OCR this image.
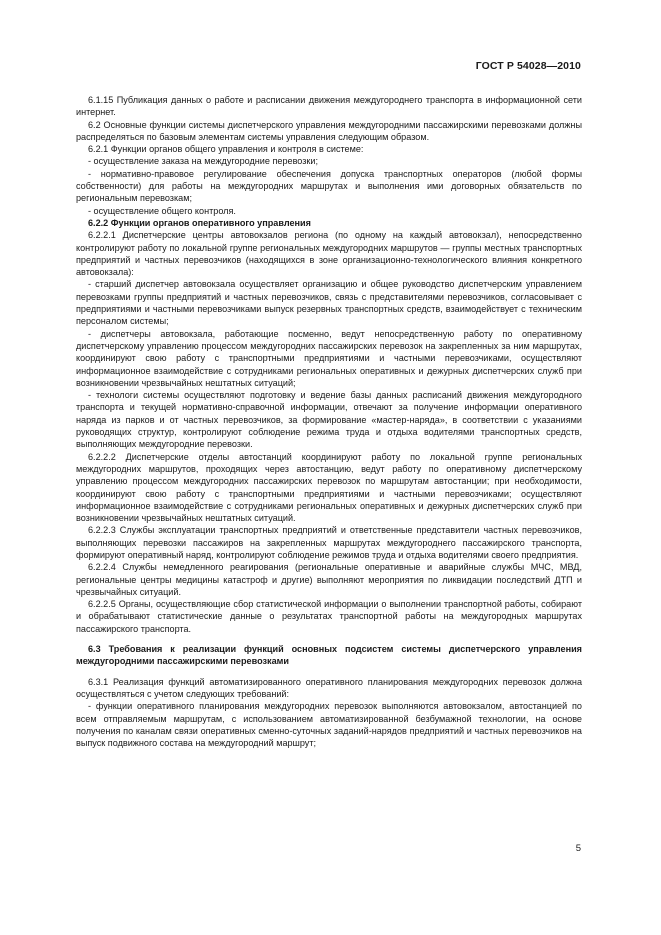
ГОСТ Р 54028—2010

6.1.15 Публикация данных о работе и расписании движения междугороднего транспорта в информационной сети интернет.

6.2 Основные функции системы диспетчерского управления междугородними пассажирскими перевозками должны распределяться по базовым элементам системы управления следующим образом.

6.2.1 Функции органов общего управления и контроля в системе:

- осуществление заказа на междугородние перевозки;

- нормативно-правовое регулирование обеспечения допуска транспортных операторов (любой формы собственности) для работы на междугородних маршрутах и выполнения ими договорных обязательств по региональным перевозкам;

- осуществление общего контроля.

6.2.2 Функции органов оперативного управления

6.2.2.1 Диспетчерские центры автовокзалов региона (по одному на каждый автовокзал), непосредственно контролируют работу по локальной группе региональных междугородних маршрутов — группы местных транспортных предприятий и частных перевозчиков (находящихся в зоне организационно-технологического влияния конкретного автовокзала):

- старший диспетчер автовокзала осуществляет организацию и общее руководство диспетчерским управлением перевозками группы предприятий и частных перевозчиков, связь с представителями перевозчиков, согласовывает с предприятиями и частными перевозчиками выпуск резервных транспортных средств, взаимодействует с техническим персоналом системы;

- диспетчеры автовокзала, работающие посменно, ведут непосредственную работу по оперативному диспетчерскому управлению процессом междугородних пассажирских перевозок на закрепленных за ним маршрутах, координируют свою работу с транспортными предприятиями и частными перевозчиками, осуществляют информационное взаимодействие с сотрудниками региональных оперативных и дежурных диспетчерских служб при возникновении чрезвычайных нештатных ситуаций;

- технологи системы осуществляют подготовку и ведение базы данных расписаний движения междугородного транспорта и текущей нормативно-справочной информации, отвечают за получение информации оперативного наряда из парков и от частных перевозчиков, за формирование «мастер-наряда», в соответствии с указаниями руководящих структур, контролируют соблюдение режима труда и отдыха водителями транспортных средств, выполняющих междугородние перевозки.

6.2.2.2 Диспетчерские отделы автостанций координируют работу по локальной группе региональных междугородних маршрутов, проходящих через автостанцию, ведут работу по оперативному диспетчерскому управлению процессом междугородних пассажирских перевозок по маршрутам автостанции; при необходимости, координируют свою работу с транспортными предприятиями и частными перевозчиками; осуществляют информационное взаимодействие с сотрудниками региональных оперативных и дежурных диспетчерских служб при возникновении чрезвычайных нештатных ситуаций.

6.2.2.3 Службы эксплуатации транспортных предприятий и ответственные представители частных перевозчиков, выполняющих перевозки пассажиров на закрепленных маршрутах междугороднего пассажирского транспорта, формируют оперативный наряд, контролируют соблюдение режимов труда и отдыха водителями своего предприятия.

6.2.2.4 Службы немедленного реагирования (региональные оперативные и аварийные службы МЧС, МВД, региональные центры медицины катастроф и другие) выполняют мероприятия по ликвидации последствий ДТП и чрезвычайных ситуаций.

6.2.2.5 Органы, осуществляющие сбор статистической информации о выполнении транспортной работы, собирают и обрабатывают статистические данные о результатах транспортной работы на междугородных маршрутах пассажирского транспорта.

6.3 Требования к реализации функций основных подсистем системы диспетчерского управления междугородними пассажирскими перевозками

6.3.1 Реализация функций автоматизированного оперативного планирования междугородних перевозок должна осуществляться с учетом следующих требований:

- функции оперативного планирования междугородних перевозок выполняются автовокзалом, автостанцией по всем отправляемым маршрутам, с использованием автоматизированной безбумажной технологии, на основе получения по каналам связи оперативных сменно-суточных заданий-нарядов предприятий и частных перевозчиков на выпуск подвижного состава на междугородний маршрут;

5
